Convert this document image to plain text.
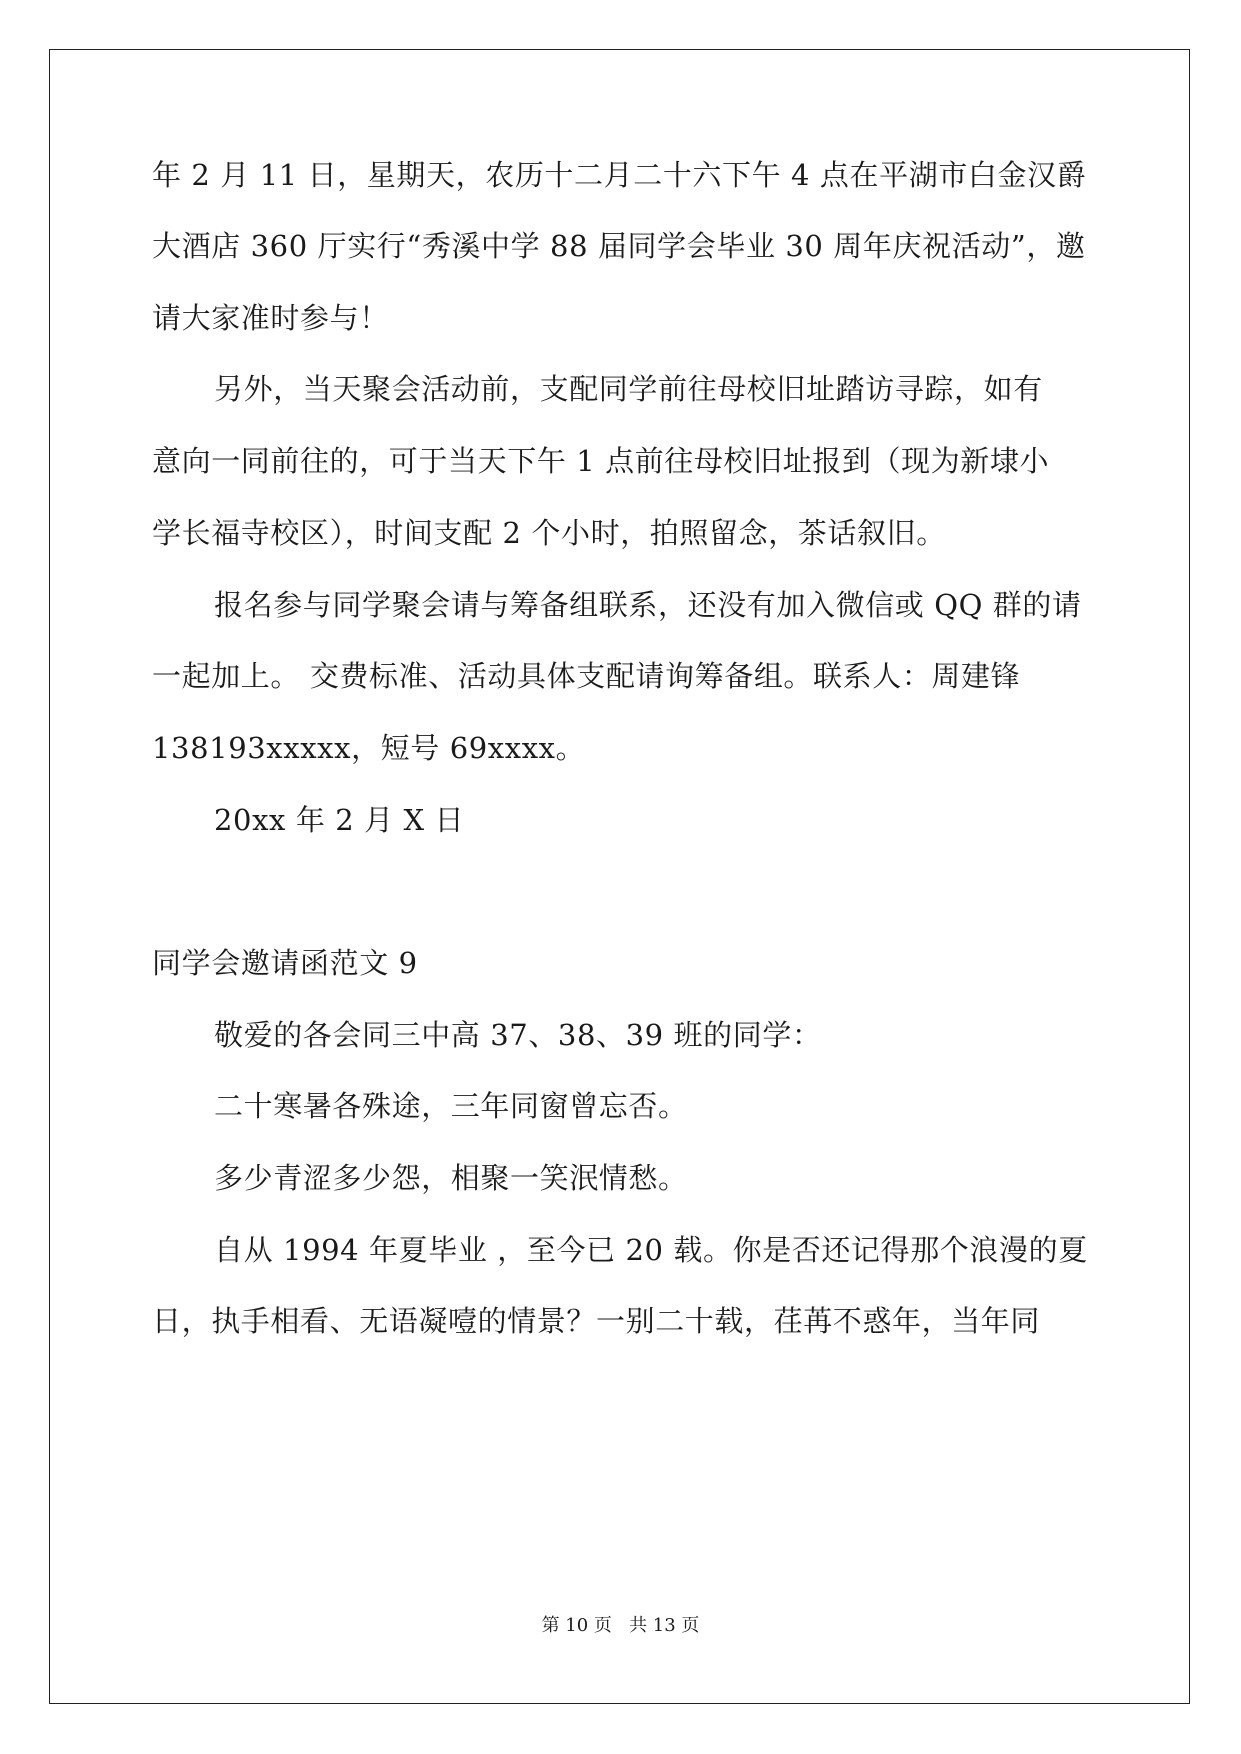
年 2 月 11 日，星期天，农历十二月二十六下午 4 点在平湖市白金汉爵
大酒店 360 厅实行“秀溪中学 88 届同学会毕业 30 周年庆祝活动”，邀
请大家准时参与！
另外，当天聚会活动前，支配同学前往母校旧址踏访寻踪，如有
意向一同前往的，可于当天下午 1 点前往母校旧址报到（现为新埭小
学长福寺校区），时间支配 2 个小时，拍照留念，茶话叙旧。
报名参与同学聚会请与筹备组联系，还没有加入微信或 QQ 群的请
一起加上。 交费标准、活动具体支配请询筹备组。联系人：周建锋
138193xxxxx，短号 69xxxx。
20xx 年 2 月 X 日
同学会邀请函范文 9
敬爱的各会同三中高 37、38、39 班的同学：
二十寒暑各殊途，三年同窗曾忘否。
多少青涩多少怨，相聚一笑泯情愁。
自从 1994 年夏毕业 ，至今已 20 载。你是否还记得那个浪漫的夏
日，执手相看、无语凝噎的情景？一别二十载，荏苒不惑年，当年同
第 10 页   共 13 页
